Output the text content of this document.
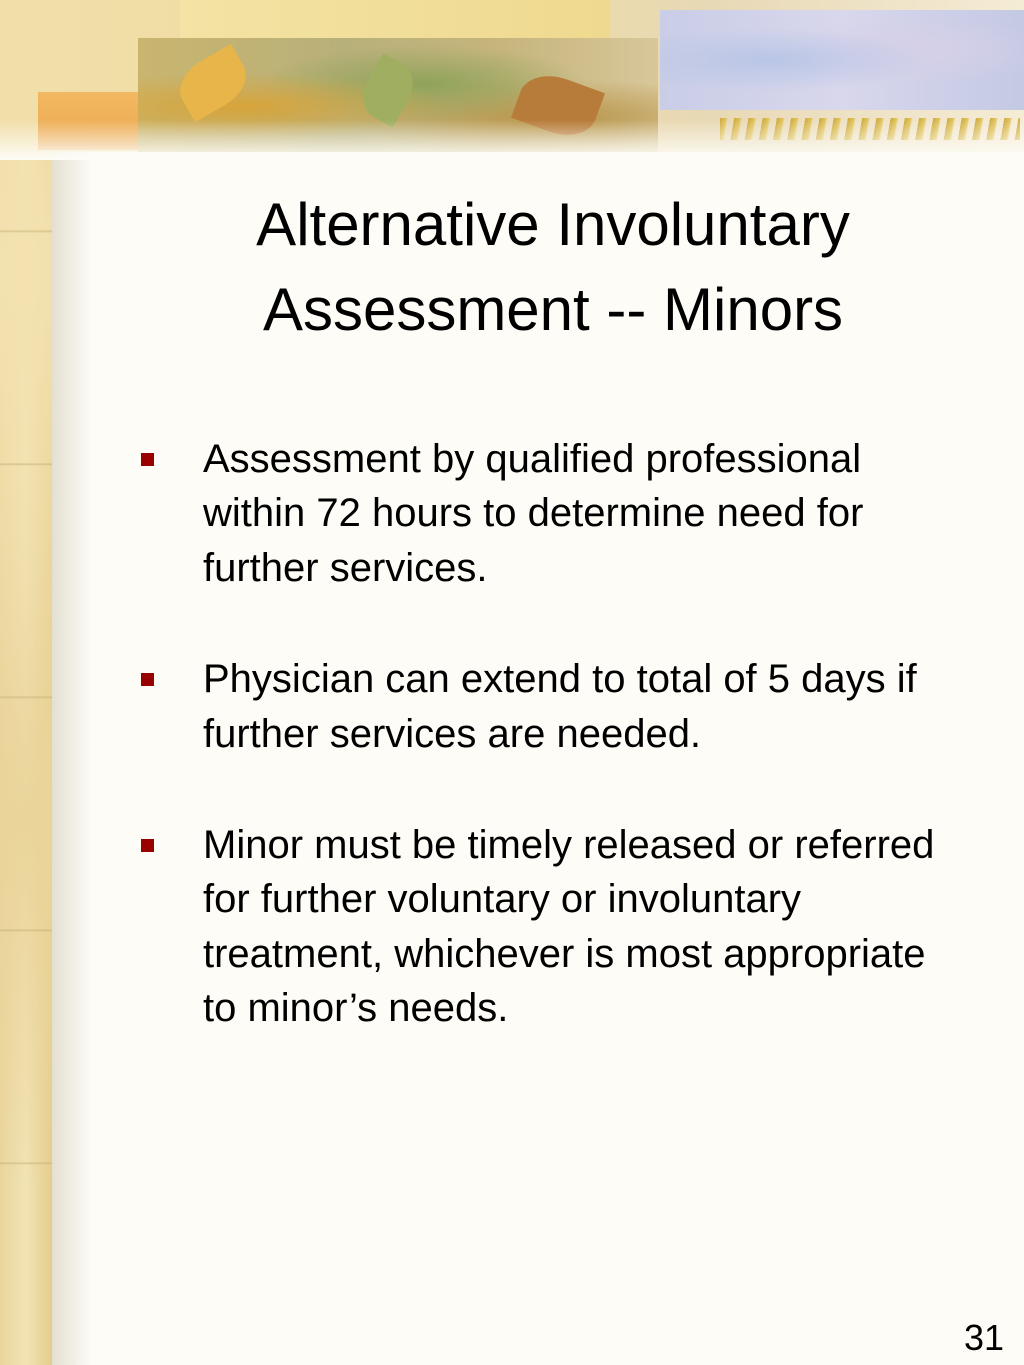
Alternative Involuntary
Assessment -- Minors
Assessment by qualified professional within 72 hours to determine need for further services.
Physician can extend to total of 5 days if further services are needed.
Minor must be timely released or referred for further voluntary or involuntary treatment, whichever is most appropriate to minor’s needs.
31
